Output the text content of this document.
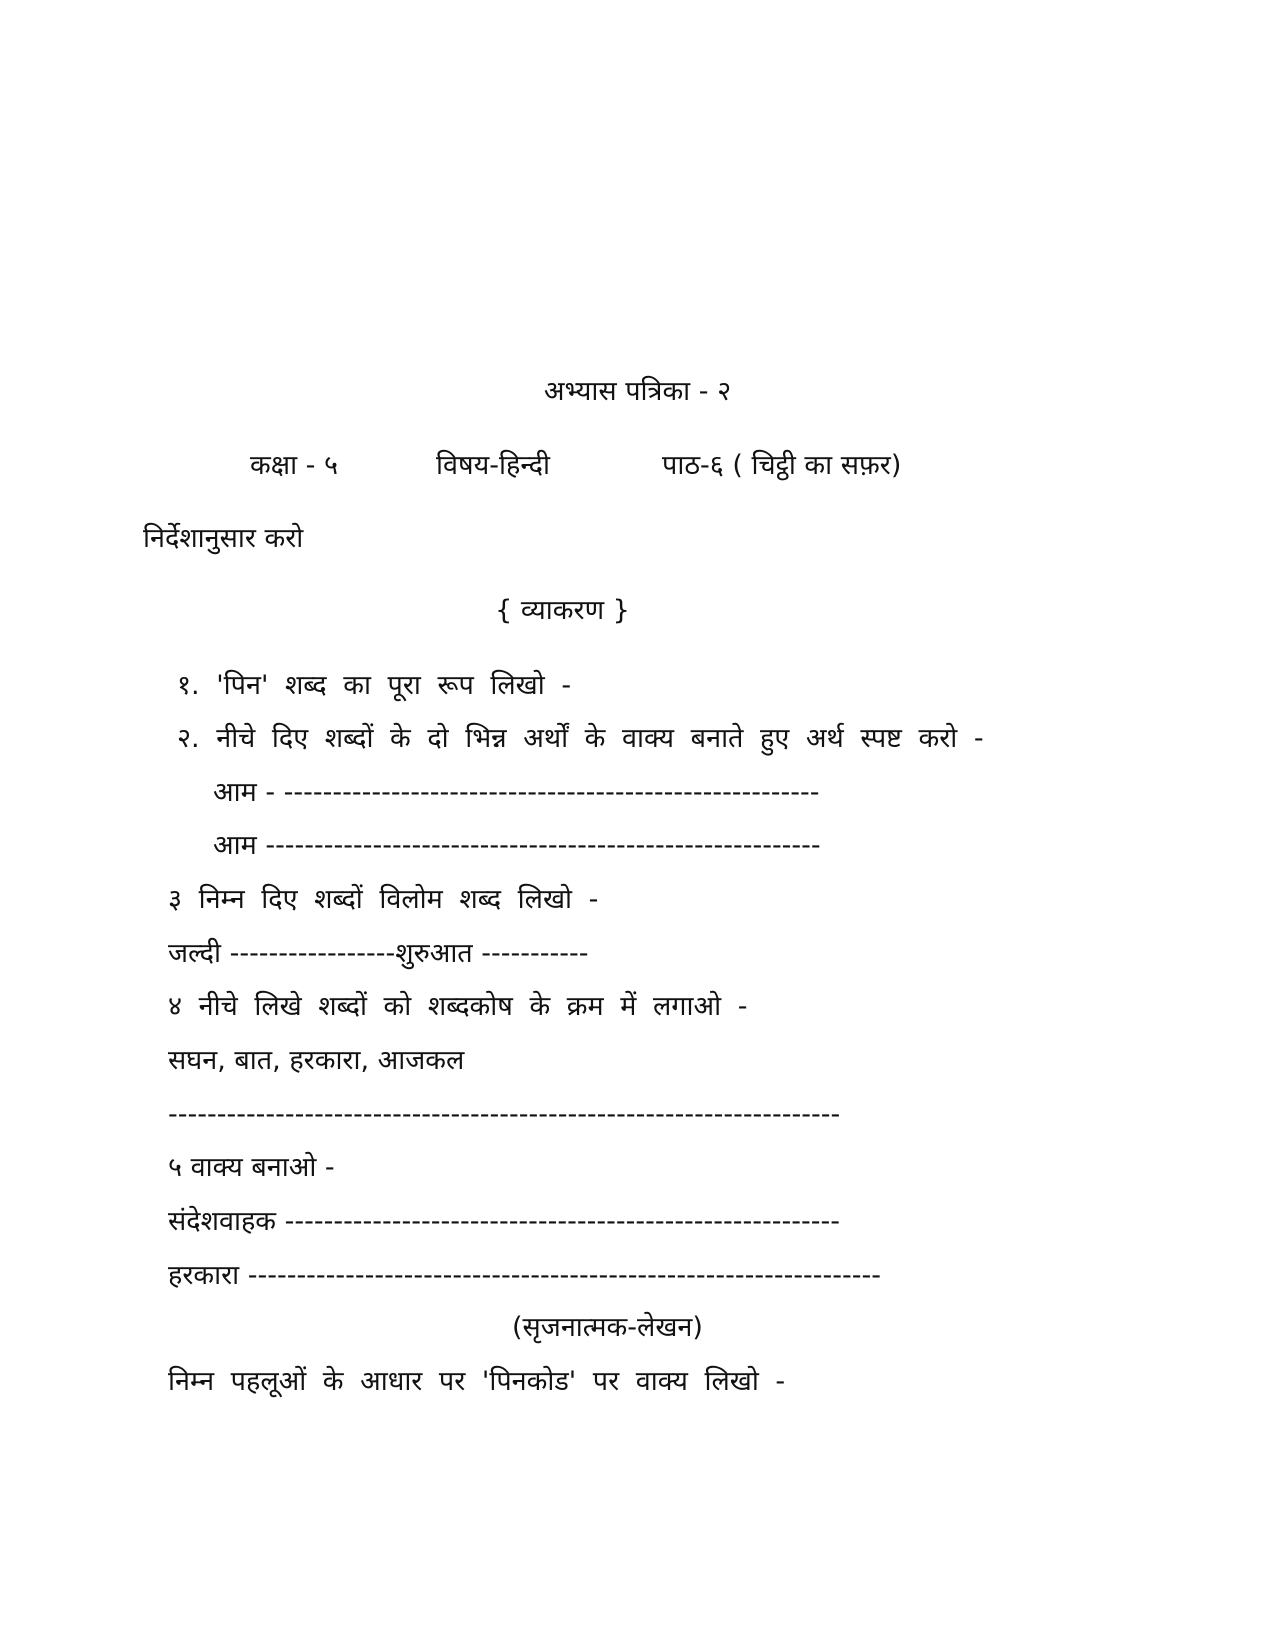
अभ्यास पत्रिका - २
कक्षा - ५	विषय-हिन्दी	पाठ-६ ( चिट्ठी का सफ़र)
निर्देशानुसार करो
{ व्याकरण }
१. 'पिन' शब्द का पूरा रूप लिखो -
२. नीचे दिए शब्दों के दो भिन्न अर्थों के वाक्य बनाते हुए अर्थ स्पष्ट करो -
आम - -------------------------------------------------------
आम ---------------------------------------------------------
३ निम्न दिए शब्दों विलोम शब्द लिखो -
जल्दी -----------------शुरुआत -----------
४ नीचे लिखे शब्दों को शब्दकोष के क्रम में लगाओ -
सघन, बात, हरकारा, आजकल
---------------------------------------------------------------------
५ वाक्य बनाओ -
संदेशवाहक ---------------------------------------------------------
हरकारा -----------------------------------------------------------------
(सृजनात्मक-लेखन)
निम्न पहलूओं के आधार पर 'पिनकोड' पर वाक्य लिखो -
